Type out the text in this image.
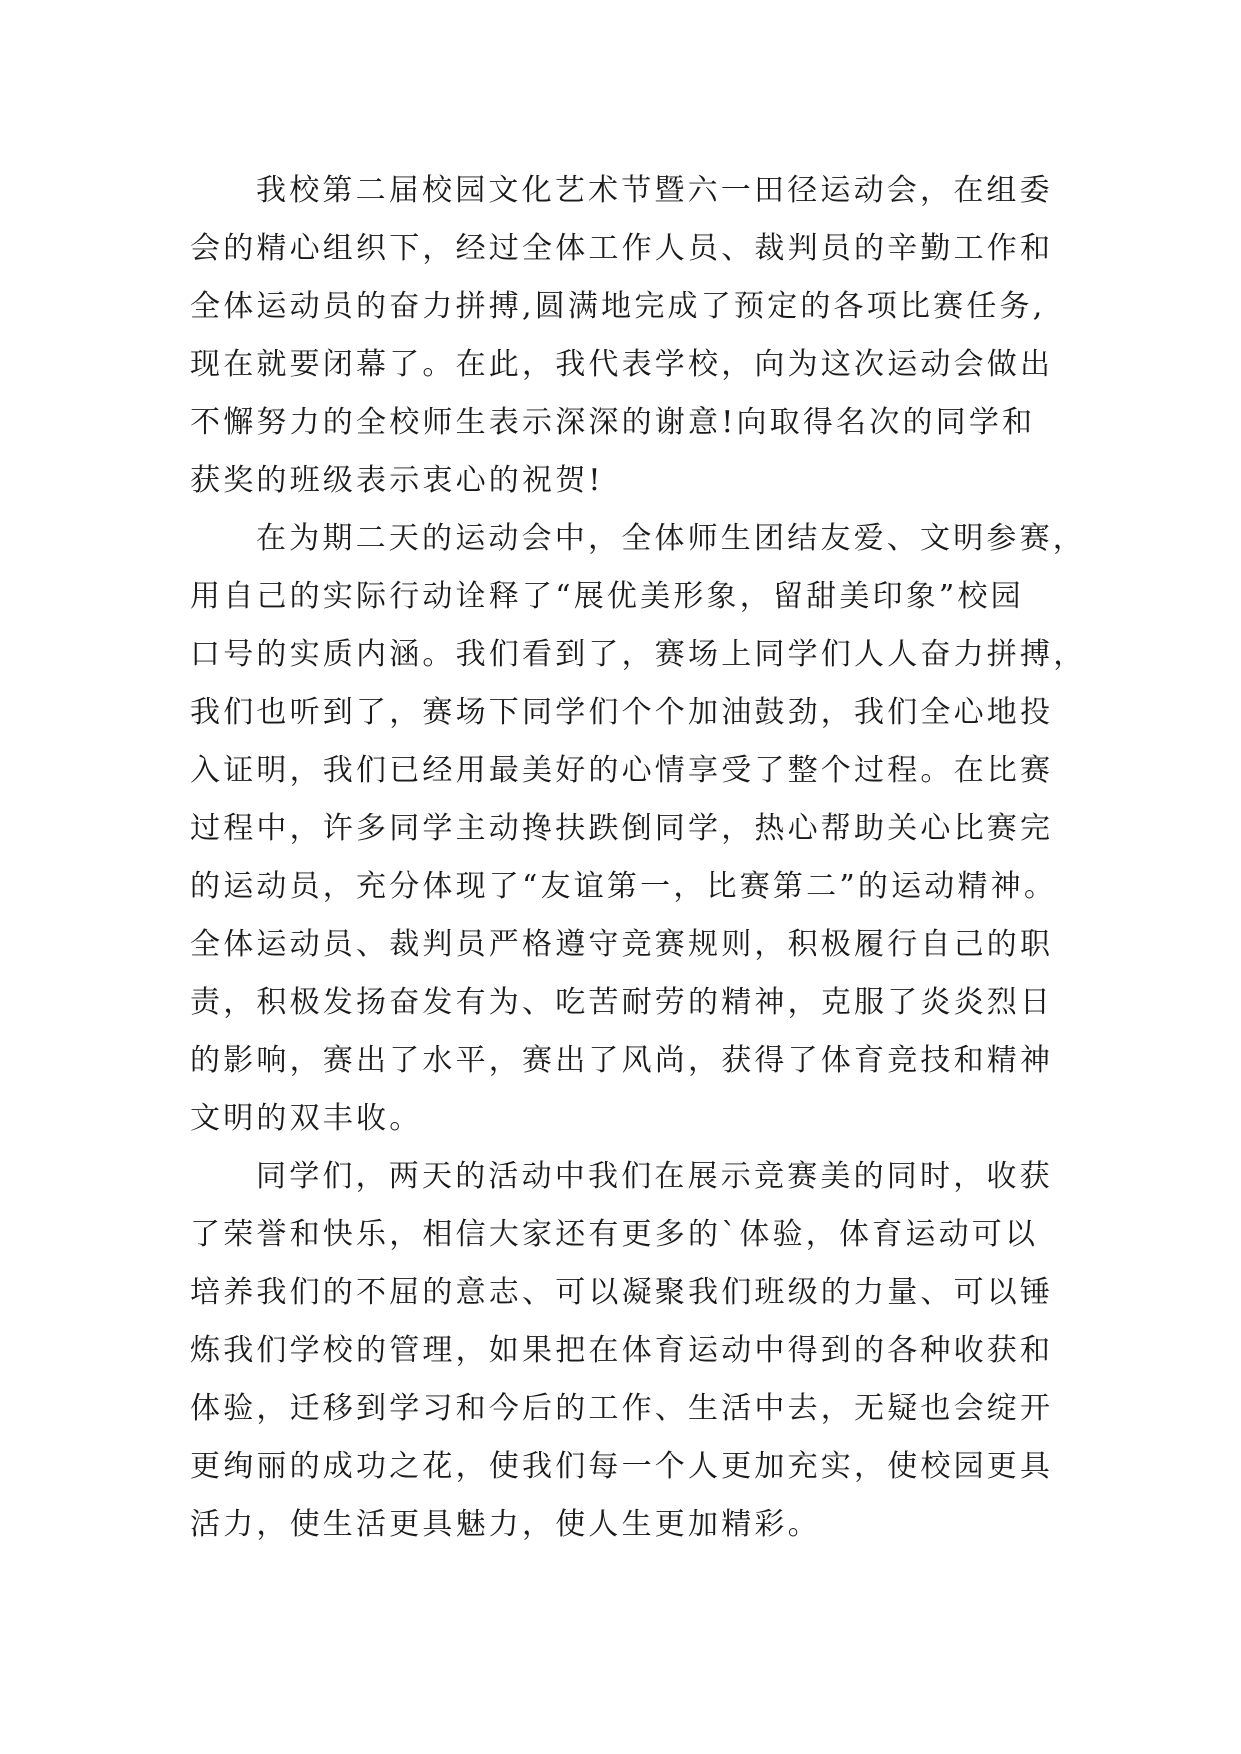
我校第二届校园文化艺术节暨六一田径运动会，在组委
会的精心组织下，经过全体工作人员、裁判员的辛勤工作和
全体运动员的奋力拼搏,圆满地完成了预定的各项比赛任务,
现在就要闭幕了。在此，我代表学校，向为这次运动会做出
不懈努力的全校师生表示深深的谢意!向取得名次的同学和
获奖的班级表示衷心的祝贺!
在为期二天的运动会中，全体师生团结友爱、文明参赛，
用自己的实际行动诠释了“展优美形象，留甜美印象”校园
口号的实质内涵。我们看到了，赛场上同学们人人奋力拼搏，
我们也听到了，赛场下同学们个个加油鼓劲，我们全心地投
入证明，我们已经用最美好的心情享受了整个过程。在比赛
过程中，许多同学主动搀扶跌倒同学，热心帮助关心比赛完
的运动员，充分体现了“友谊第一，比赛第二”的运动精神。
全体运动员、裁判员严格遵守竞赛规则，积极履行自己的职
责，积极发扬奋发有为、吃苦耐劳的精神，克服了炎炎烈日
的影响，赛出了水平，赛出了风尚，获得了体育竞技和精神
文明的双丰收。
同学们，两天的活动中我们在展示竞赛美的同时，收获
了荣誉和快乐，相信大家还有更多的`体验，体育运动可以
培养我们的不屈的意志、可以凝聚我们班级的力量、可以锤
炼我们学校的管理，如果把在体育运动中得到的各种收获和
体验，迁移到学习和今后的工作、生活中去，无疑也会绽开
更绚丽的成功之花，使我们每一个人更加充实，使校园更具
活力，使生活更具魅力，使人生更加精彩。
